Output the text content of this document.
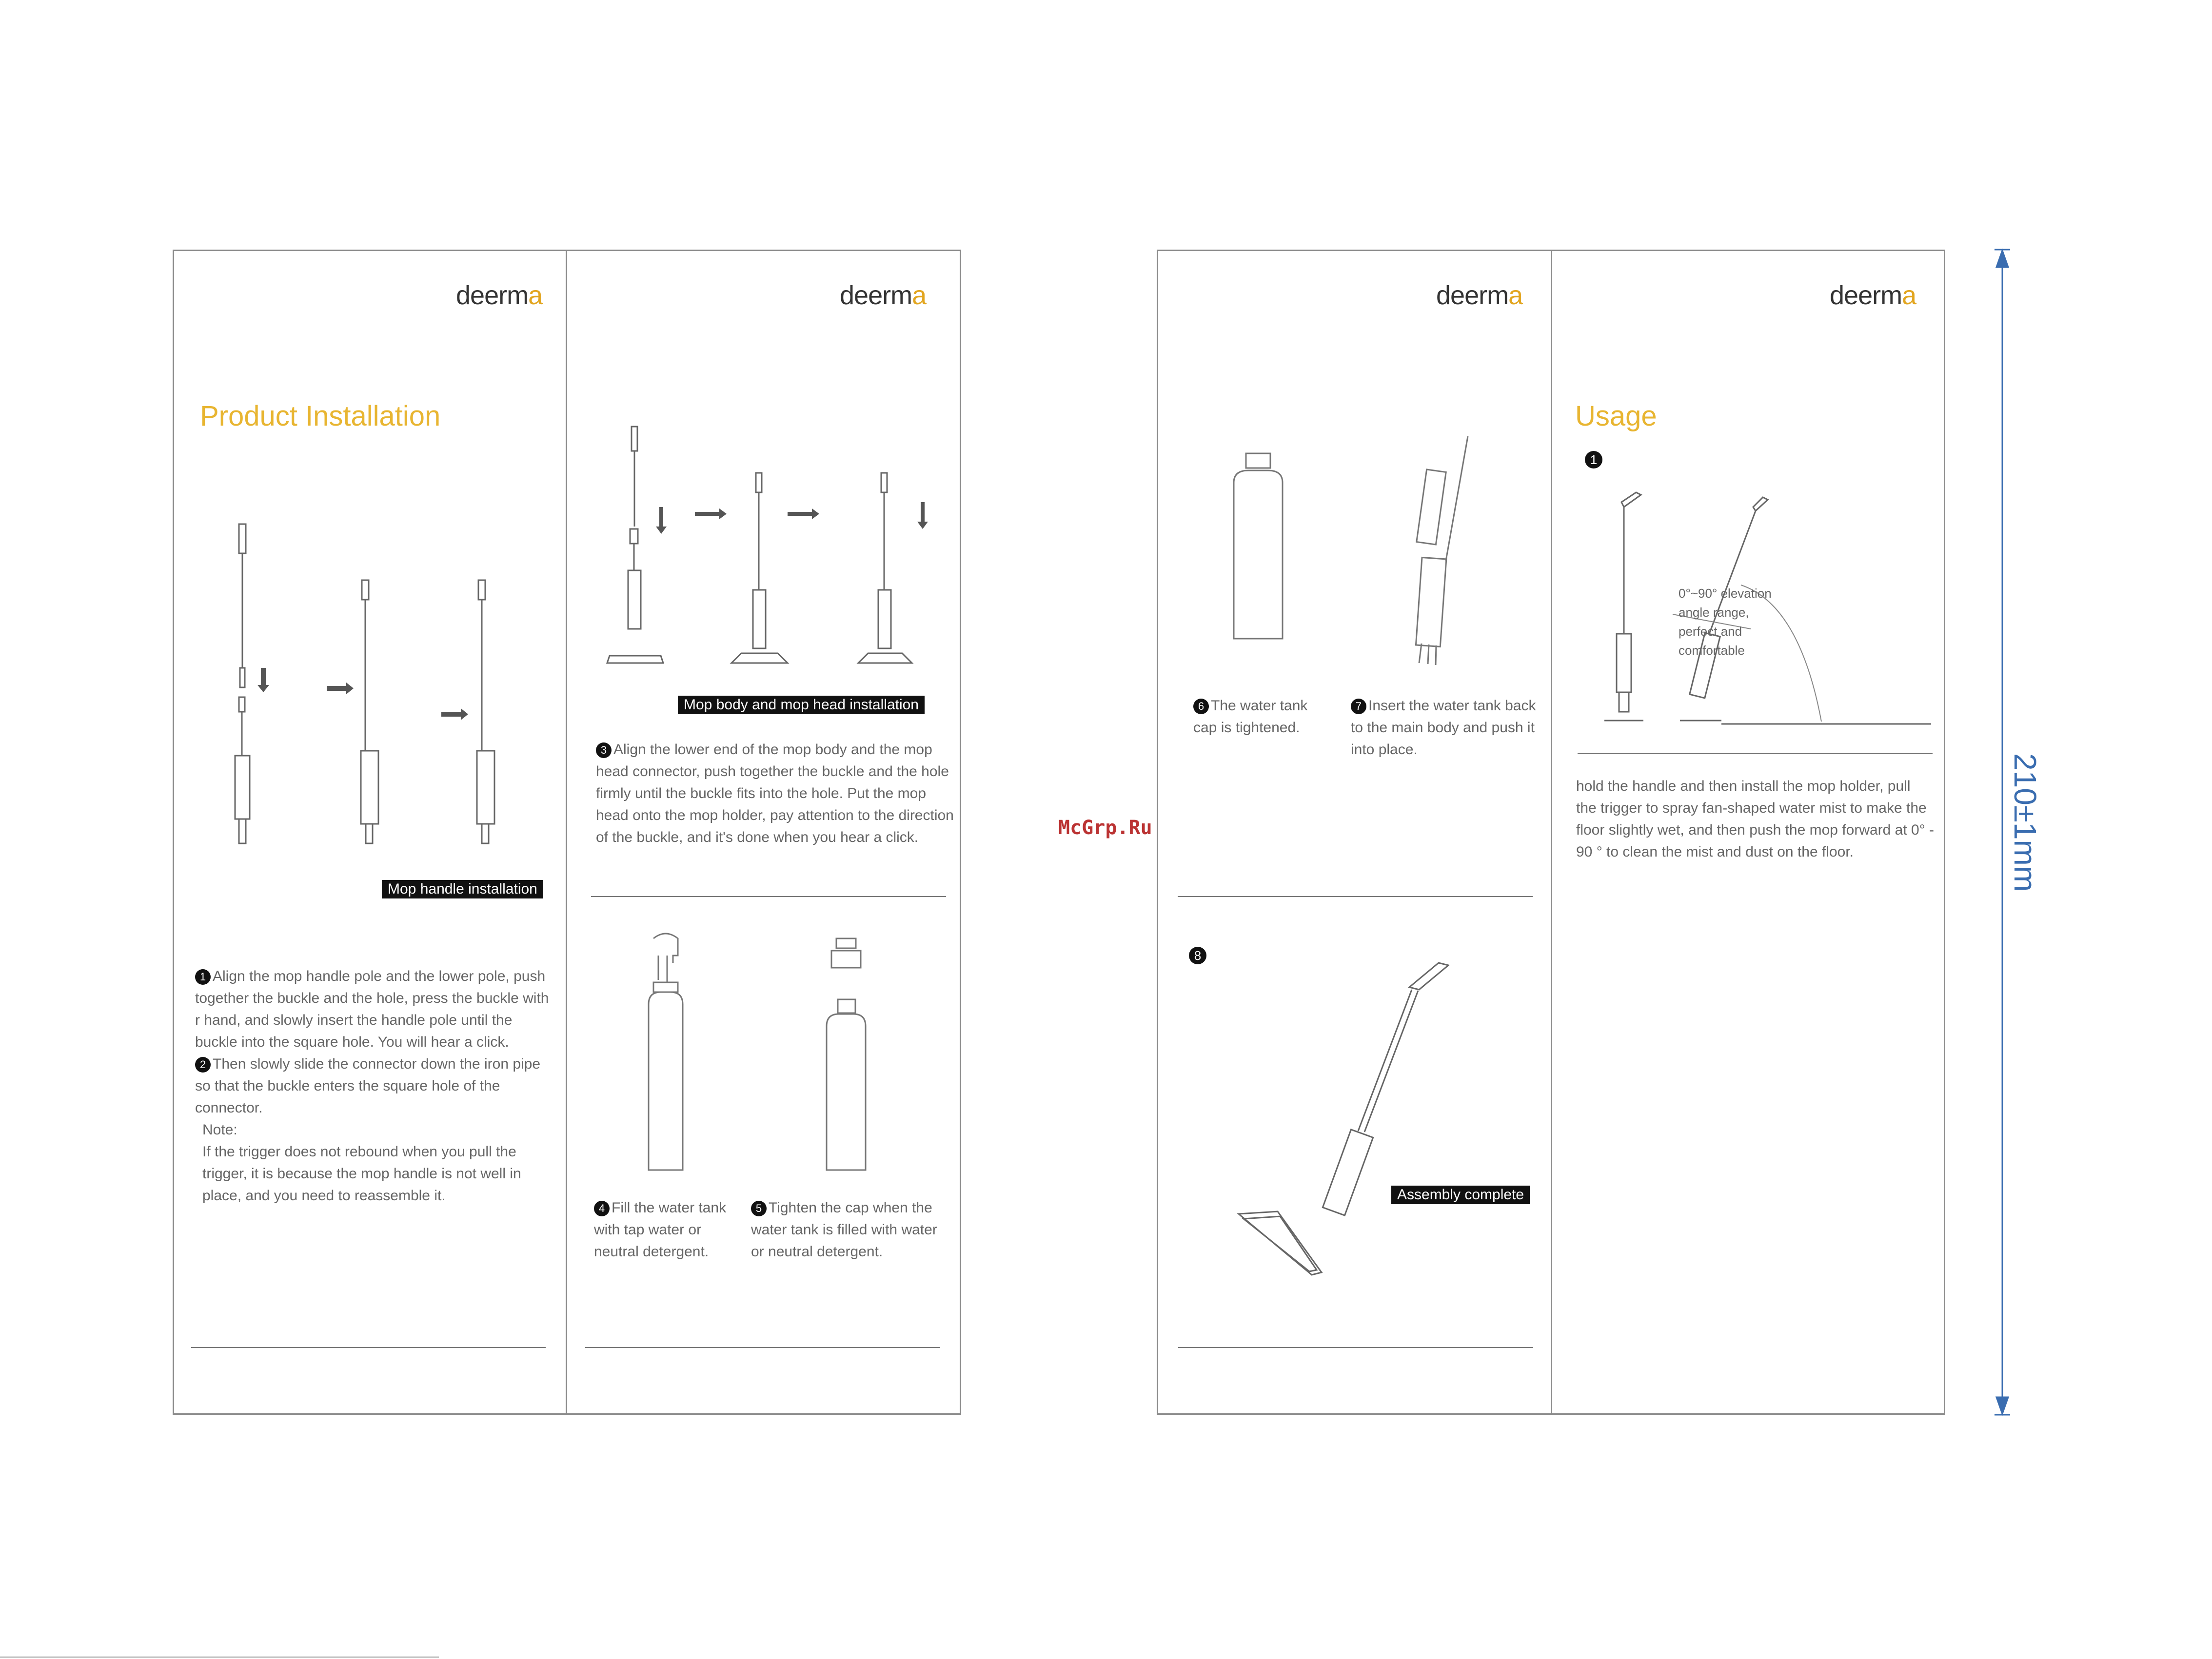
deerma	deerma	deerma	deerma
Product Installation
Mop handle installation

1 Align the mop handle pole and the lower pole, push together the buckle and the hole, press the buckle with r hand, and slowly insert the handle pole until the buckle into the square hole. You will hear a click.

2 Then slowly slide the connector down the iron pipe so that the buckle enters the square hole of the connector.

Note:

If the trigger does not rebound when you pull the trigger, it is because the mop handle is not well in place, and you need to reassemble it.

Mop body and mop head installation

3 Align the lower end of the mop body and the mop head connector, push together the buckle and the hole firmly until the buckle fits into the hole. Put the mop head onto the mop holder, pay attention to the direction of the buckle, and it's done when you hear a click.

4 Fill the water tank with tap water or neutral detergent.

5 Tighten the cap when the water tank is filled with water or neutral detergent.

McGrp.Ru

6 The water tank cap is tightened.

7 Insert the water tank back to the main body and push it into place.

8
Assembly complete
Usage
1
0°~90° elevation angle range, perfect and comfortable
hold the handle and then install the mop holder, pull the trigger to spray fan-shaped water mist to make the floor slightly wet, and then push the mop forward at 0° - 90 ° to clean the mist and dust on the floor.	210±1mm
